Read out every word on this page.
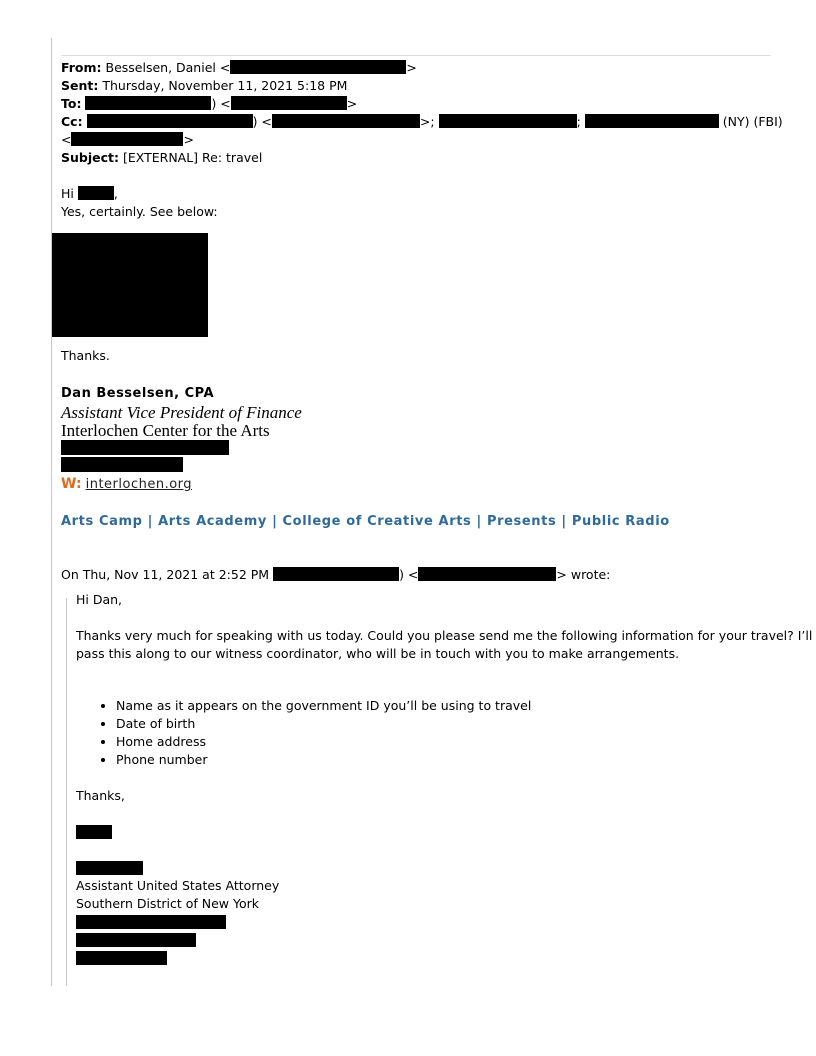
From: Besselsen, Daniel <	>
Sent: Thursday, November 11, 2021 5:18 PM
To:	) <	>
Cc:	) <	>;	;	(NY) (FBI)
<	>
Subject: [EXTERNAL] Re: travel
Hi	,
Yes, certainly. See below:
Thanks.
Dan Besselsen, CPA
Assistant Vice President of Finance
Interlochen Center for the Arts
W: interlochen.org
Arts Camp | Arts Academy | College of Creative Arts | Presents | Public Radio
On Thu, Nov 11, 2021 at 2:52 PM	) <	> wrote:
Hi Dan,
Thanks very much for speaking with us today. Could you please send me the following information for your travel? I’ll
pass this along to our witness coordinator, who will be in touch with you to make arrangements.
• Name as it appears on the government ID you’ll be using to travel
• Date of birth
• Home address
• Phone number
Thanks,
Assistant United States Attorney
Southern District of New York
